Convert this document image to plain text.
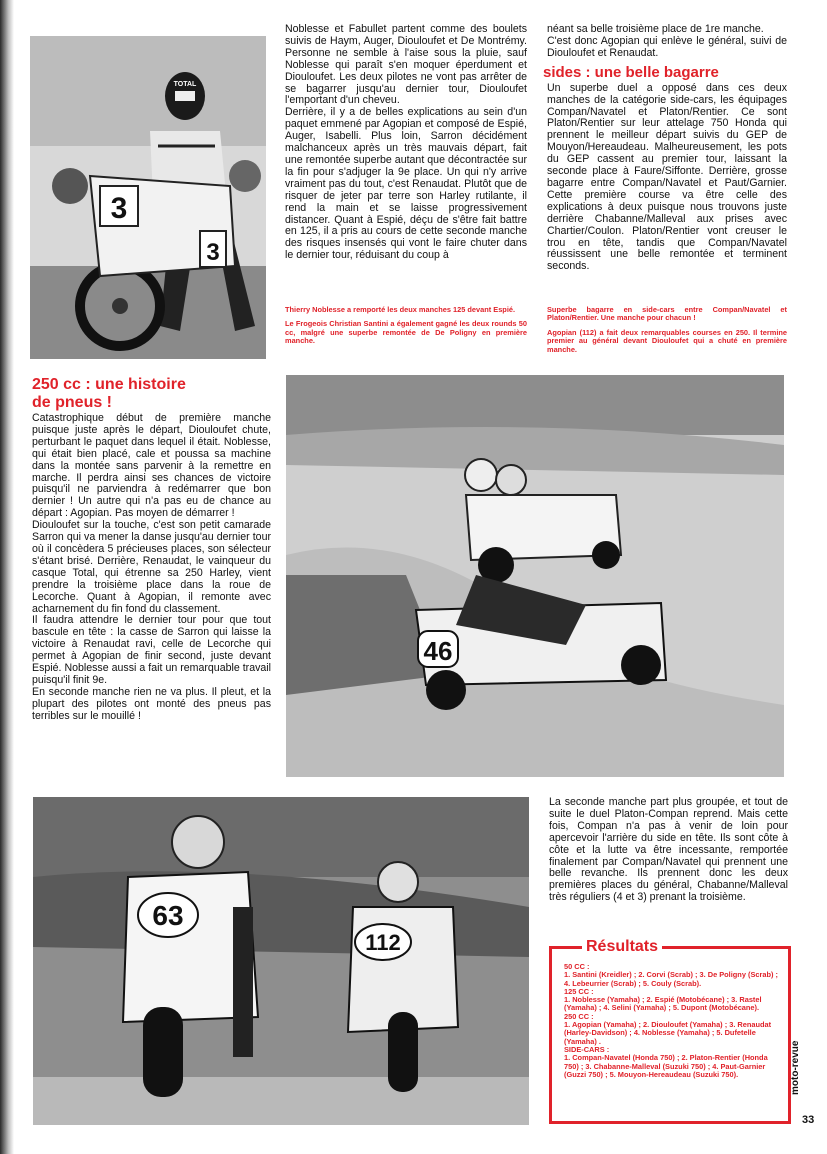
3
3
TOTAL

Noblesse et Fabullet partent comme des boulets suivis de Haym, Auger, Diouloufet et De Montrémy. Personne ne semble à l'aise sous la pluie, sauf Noblesse qui paraît s'en moquer éperdument et Diouloufet. Les deux pilotes ne vont pas arrêter de se bagarrer jusqu'au dernier tour, Diouloufet l'emportant d'un cheveu.

Derrière, il y a de belles explications au sein d'un paquet emmené par Agopian et composé de Espié, Auger, Isabelli. Plus loin, Sarron décidément malchanceux après un très mauvais départ, fait une remontée superbe autant que décontractée sur la fin pour s'adjuger la 9e place. Un qui n'y arrive vraiment pas du tout, c'est Renaudat. Plutôt que de risquer de jeter par terre son Harley rutilante, il rend la main et se laisse progressivement distancer. Quant à Espié, déçu de s'être fait battre en 125, il a pris au cours de cette seconde manche des risques insensés qui vont le faire chuter dans le dernier tour, réduisant du coup à

Thierry Noblesse a remporté les deux manches 125 devant Espié.

Le Frogeois Christian Santini a également gagné les deux rounds 50 cc, malgré une superbe remontée de De Poligny en première manche.

néant sa belle troisième place de 1re manche.

C'est donc Agopian qui enlève le général, suivi de Diouloufet et Renaudat.

sides : une belle bagarre

Un superbe duel a opposé dans ces deux manches de la catégorie side-cars, les équipages Compan/Navatel et Platon/Rentier. Ce sont Platon/Rentier sur leur attelage 750 Honda qui prennent le meilleur départ suivis du GEP de Mouyon/Hereaudeau. Malheureusement, les pots du GEP cassent au premier tour, laissant la seconde place à Faure/Siffonte. Derrière, grosse bagarre entre Compan/Navatel et Paut/Garnier. Cette première course va être celle des explications à deux puisque nous trouvons juste derrière Chabanne/Malleval aux prises avec Chartier/Coulon. Platon/Rentier vont creuser le trou en tête, tandis que Compan/Navatel réussissent une belle remontée et terminent seconds.

Superbe bagarre en side-cars entre Compan/Navatel et Platon/Rentier. Une manche pour chacun !

Agopian (112) a fait deux remarquables courses en 250. Il termine premier au général devant Diouloufet qui a chuté en première manche.

250 cc : une histoire
de pneus !

Catastrophique début de première manche puisque juste après le départ, Diouloufet chute, perturbant le paquet dans lequel il était. Noblesse, qui était bien placé, cale et poussa sa machine dans la montée sans parvenir à la remettre en marche. Il perdra ainsi ses chances de victoire puisqu'il ne parviendra à redémarrer que bon dernier ! Un autre qui n'a pas eu de chance au départ : Agopian. Pas moyen de démarrer !

Diouloufet sur la touche, c'est son petit camarade Sarron qui va mener la danse jusqu'au dernier tour où il concèdera 5 précieuses places, son sélecteur s'étant brisé. Derrière, Renaudat, le vainqueur du casque Total, qui étrenne sa 250 Harley, vient prendre la troisième place dans la roue de Lecorche. Quant à Agopian, il remonte avec acharnement du fin fond du classement.

Il faudra attendre le dernier tour pour que tout bascule en tête : la casse de Sarron qui laisse la victoire à Renaudat ravi, celle de Lecorche qui permet à Agopian de finir second, juste devant Espié. Noblesse aussi a fait un remarquable travail puisqu'il finit 9e.

En seconde manche rien ne va plus. Il pleut, et la plupart des pilotes ont monté des pneus pas terribles sur le mouillé !

46
63
112

La seconde manche part plus groupée, et tout de suite le duel Platon-Compan reprend. Mais cette fois, Compan n'a pas à venir de loin pour apercevoir l'arrière du side en tête. Ils sont côte à côte et la lutte va être incessante, remportée finalement par Compan/Navatel qui prennent une belle revanche. Ils prennent donc les deux premières places du général, Chabanne/Malleval très réguliers (4 et 3) prenant la troisième.

Résultats
50 CC :
1. Santini (Kreidler) ; 2. Corvi (Scrab) ; 3. De Poligny (Scrab) ; 4. Lebeurrier (Scrab) ; 5. Couly (Scrab).
125 CC :
1. Noblesse (Yamaha) ; 2. Espié (Motobécane) ; 3. Rastel (Yamaha) ; 4. Selini (Yamaha) ; 5. Dupont (Motobécane).
250 CC :
1. Agopian (Yamaha) ; 2. Diouloufet (Yamaha) ; 3. Renaudat (Harley-Davidson) ; 4. Noblesse (Yamaha) ; 5. Dufetelle (Yamaha) .
SIDE-CARS :
1. Compan-Navatel (Honda 750) ; 2. Platon-Rentier (Honda 750) ; 3. Chabanne-Malleval (Suzuki 750) ; 4. Paut-Garnier (Guzzi 750) ; 5. Mouyon-Hereaudeau (Suzuki 750).	moto-revue
33
